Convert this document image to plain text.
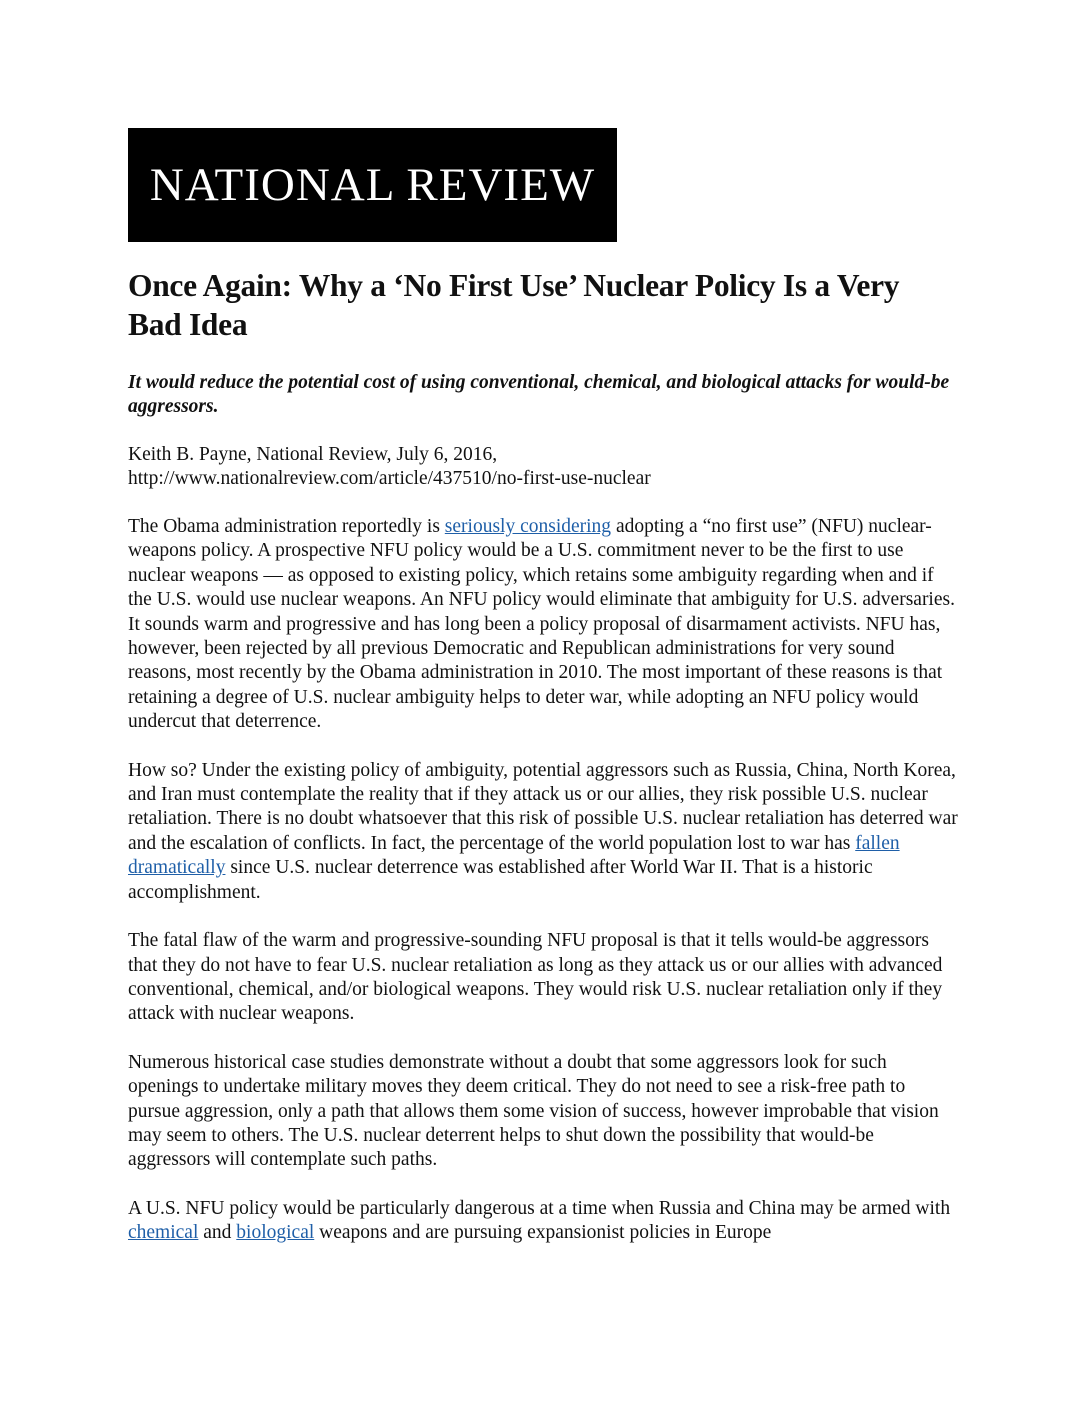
NATIONAL REVIEW
Once Again: Why a ‘No First Use’ Nuclear Policy Is a Very Bad Idea

It would reduce the potential cost of using conventional, chemical, and biological attacks for would-be aggressors.

Keith B. Payne, National Review, July 6, 2016,
http://www.nationalreview.com/article/437510/no-first-use-nuclear

The Obama administration reportedly is seriously considering adopting a “no first use” (NFU) nuclear-weapons policy. A prospective NFU policy would be a U.S. commitment never to be the first to use nuclear weapons — as opposed to existing policy, which retains some ambiguity regarding when and if the U.S. would use nuclear weapons. An NFU policy would eliminate that ambiguity for U.S. adversaries. It sounds warm and progressive and has long been a policy proposal of disarmament activists. NFU has, however, been rejected by all previous Democratic and Republican administrations for very sound reasons, most recently by the Obama administration in 2010. The most important of these reasons is that retaining a degree of U.S. nuclear ambiguity helps to deter war, while adopting an NFU policy would undercut that deterrence.

How so? Under the existing policy of ambiguity, potential aggressors such as Russia, China, North Korea, and Iran must contemplate the reality that if they attack us or our allies, they risk possible U.S. nuclear retaliation. There is no doubt whatsoever that this risk of possible U.S. nuclear retaliation has deterred war and the escalation of conflicts. In fact, the percentage of the world population lost to war has fallen dramatically since U.S. nuclear deterrence was established after World War II. That is a historic accomplishment.

The fatal flaw of the warm and progressive-sounding NFU proposal is that it tells would-be aggressors that they do not have to fear U.S. nuclear retaliation as long as they attack us or our allies with advanced conventional, chemical, and/or biological weapons. They would risk U.S. nuclear retaliation only if they attack with nuclear weapons.

Numerous historical case studies demonstrate without a doubt that some aggressors look for such openings to undertake military moves they deem critical. They do not need to see a risk-free path to pursue aggression, only a path that allows them some vision of success, however improbable that vision may seem to others. The U.S. nuclear deterrent helps to shut down the possibility that would-be aggressors will contemplate such paths.

A U.S. NFU policy would be particularly dangerous at a time when Russia and China may be armed with chemical and biological weapons and are pursuing expansionist policies in Europe
